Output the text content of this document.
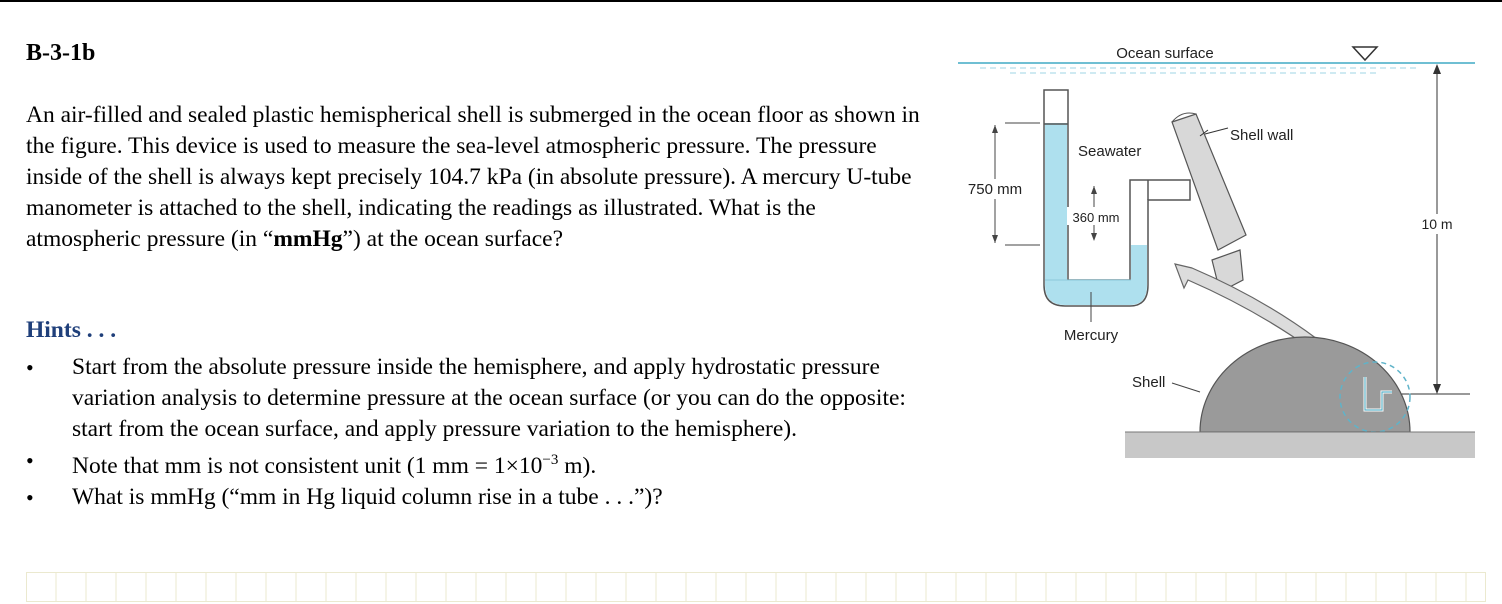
B-3-1b
An air-filled and sealed plastic hemispherical shell is submerged in the ocean floor as shown in the figure. This device is used to measure the sea-level atmospheric pressure. The pressure inside of the shell is always kept precisely 104.7 kPa (in absolute pressure). A mercury U-tube manometer is attached to the shell, indicating the readings as illustrated. What is the atmospheric pressure (in “mmHg”) at the ocean surface?
Hints . . .
• Start from the absolute pressure inside the hemisphere, and apply hydrostatic pressure variation analysis to determine pressure at the ocean surface (or you can do the opposite: start from the ocean surface, and apply pressure variation to the hemisphere).
• Note that mm is not consistent unit (1 mm = $1\times 10^{-3}$ m).
• What is mmHg (“mm in Hg liquid column rise in a tube . . .”)?
Ocean surface
10 m
Shell wall
Seawater
750 mm
360 mm
Mercury
Shell
